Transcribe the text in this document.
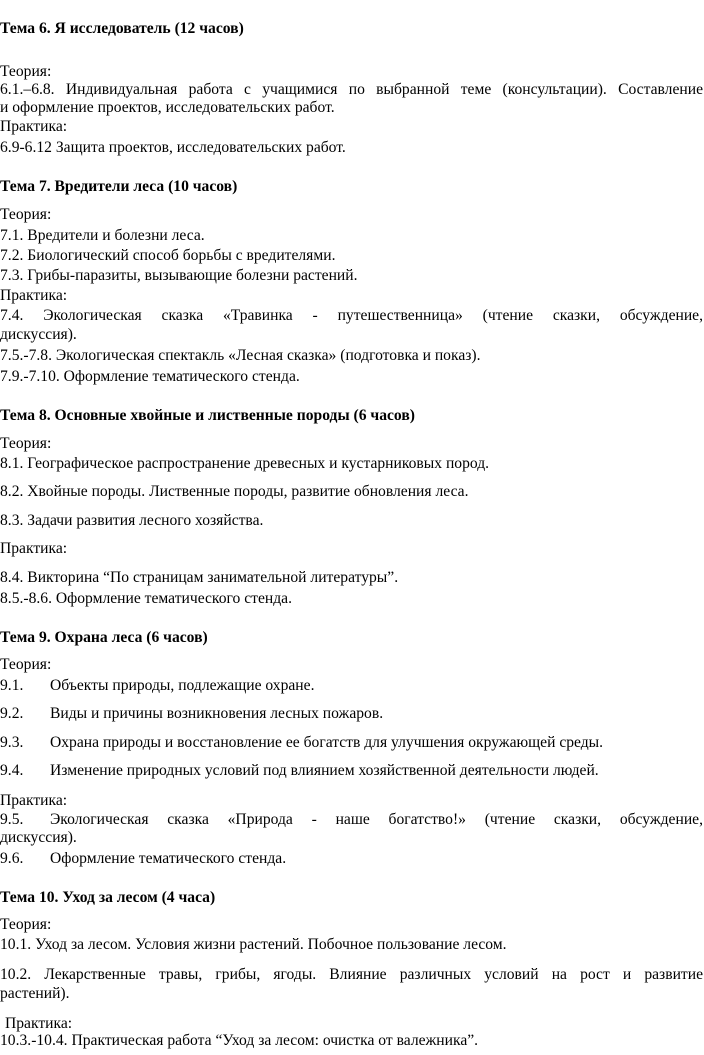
Тема 6. Я исследователь (12 часов)
Теория:
6.1.–6.8. Индивидуальная работа с учащимися по выбранной теме (консультации). Составление
и оформление проектов, исследовательских работ.
Практика:
6.9-6.12 Защита проектов, исследовательских работ.
Тема 7. Вредители леса (10 часов)
Теория:
7.1. Вредители и болезни леса.
7.2. Биологический способ борьбы с вредителями.
7.3. Грибы-паразиты, вызывающие болезни растений.
Практика:
7.4. Экологическая сказка «Травинка - путешественница» (чтение сказки, обсуждение,
дискуссия).
7.5.-7.8. Экологическая спектакль «Лесная сказка» (подготовка и показ).
7.9.-7.10. Оформление тематического стенда.
Тема 8. Основные хвойные и лиственные породы (6 часов)
Теория:
8.1. Географическое распространение древесных и кустарниковых пород.
8.2. Хвойные породы. Лиственные породы, развитие обновления леса.
8.3. Задачи развития лесного хозяйства.
Практика:
8.4. Викторина “По страницам занимательной литературы”.
8.5.-8.6. Оформление тематического стенда.
Тема 9. Охрана леса (6 часов)
Теория:
9.1. Объекты природы, подлежащие охране.
9.2. Виды и причины возникновения лесных пожаров.
9.3. Охрана природы и восстановление ее богатств для улучшения окружающей среды.
9.4. Изменение природных условий под влиянием хозяйственной деятельности людей.
Практика:
9.5. Экологическая сказка «Природа - наше богатство!» (чтение сказки, обсуждение,
дискуссия).
9.6. Оформление тематического стенда.
Тема 10. Уход за лесом (4 часа)
Теория:
10.1. Уход за лесом. Условия жизни растений. Побочное пользование лесом.
10.2. Лекарственные травы, грибы, ягоды. Влияние различных условий на рост и развитие
растений).
Практика:
10.3.-10.4. Практическая работа “Уход за лесом: очистка от валежника”.
